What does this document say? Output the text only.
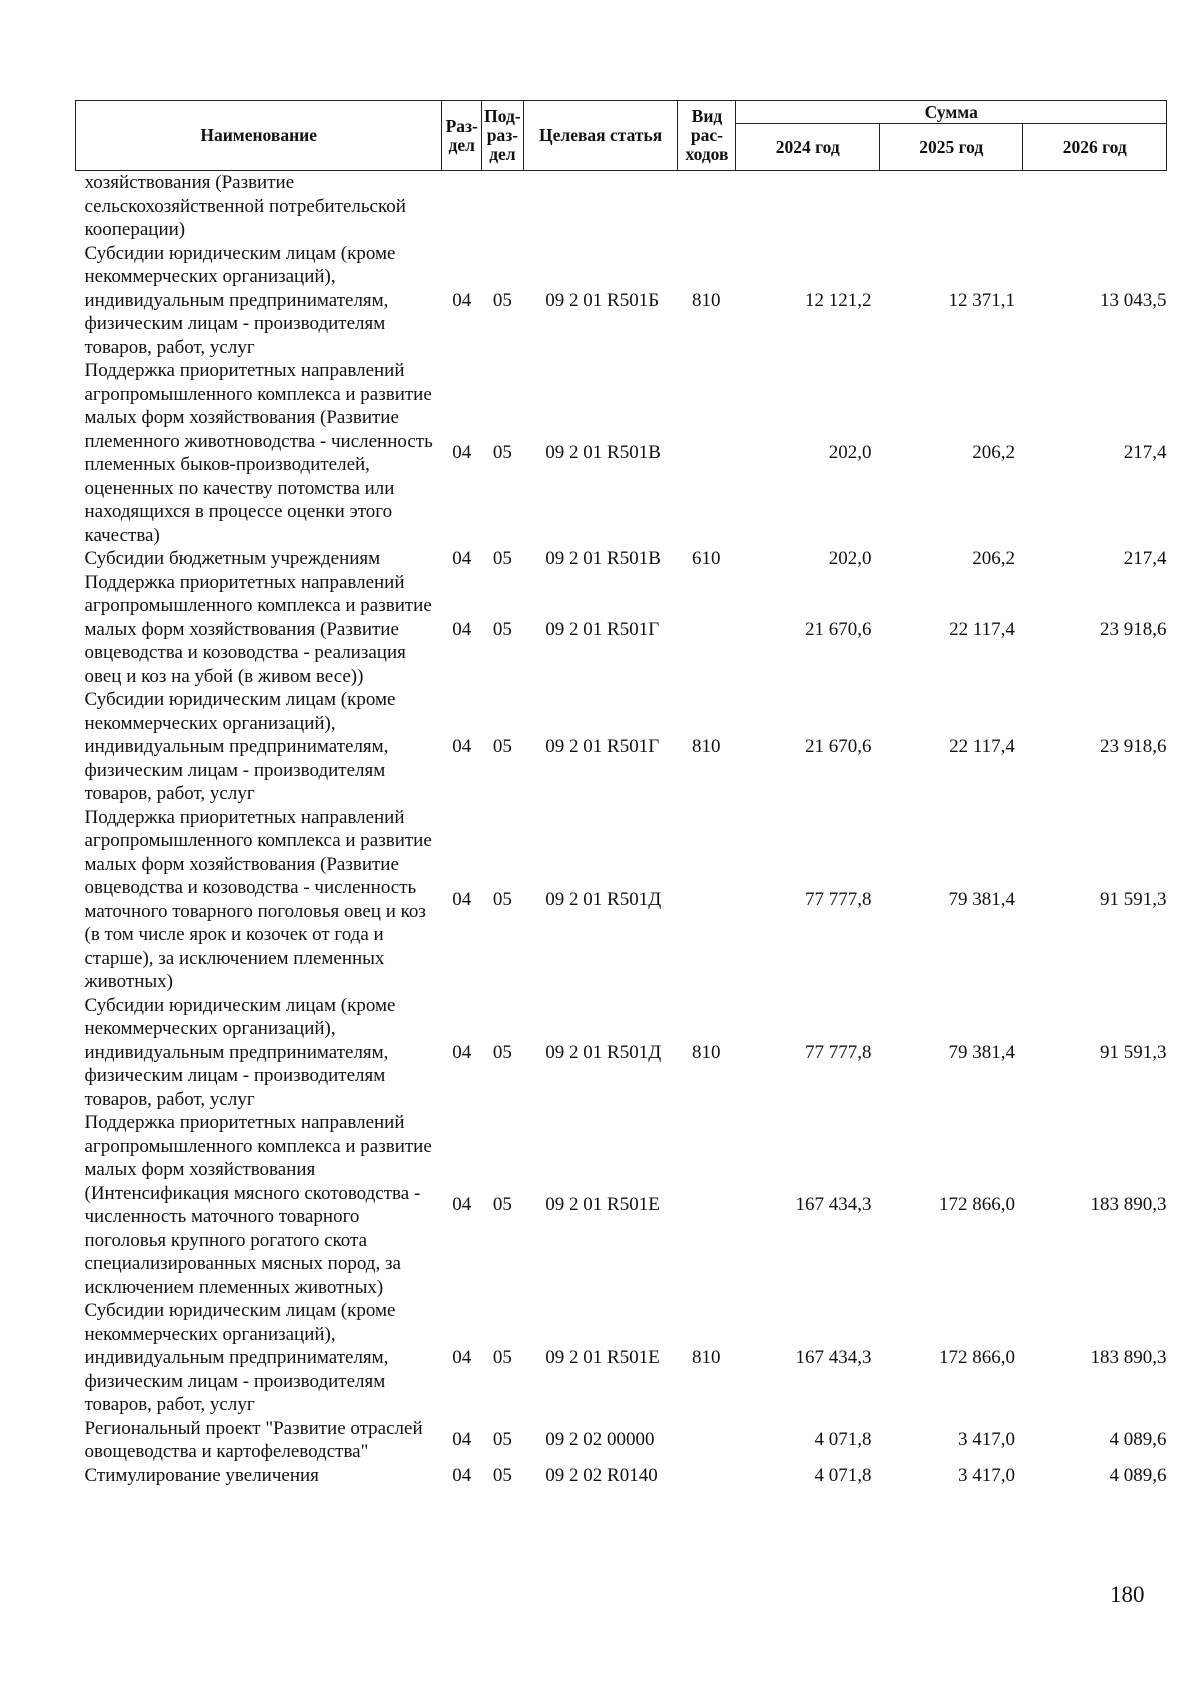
Наименование	Раз-дел	Под-раз-дел	Целевая статья	Вид рас-ходов	Сумма		
					2024 год	2025 год	2026 год
хозяйствования (Развитие сельскохозяйственной потребительской кооперации)							
Субсидии юридическим лицам (кроме некоммерческих организаций), индивидуальным предпринимателям, физическим лицам - производителям товаров, работ, услуг	04	05	09 2 01 R501Б	810	12 121,2	12 371,1	13 043,5
Поддержка приоритетных направлений агропромышленного комплекса и развитие малых форм хозяйствования (Развитие племенного животноводства - численность племенных быков-производителей, оцененных по качеству потомства или находящихся в процессе оценки этого качества)	04	05	09 2 01 R501В		202,0	206,2	217,4
Субсидии бюджетным учреждениям	04	05	09 2 01 R501В	610	202,0	206,2	217,4
Поддержка приоритетных направлений агропромышленного комплекса и развитие малых форм хозяйствования (Развитие овцеводства и козоводства - реализация овец и коз на убой (в живом весе))	04	05	09 2 01 R501Г		21 670,6	22 117,4	23 918,6
Субсидии юридическим лицам (кроме некоммерческих организаций), индивидуальным предпринимателям, физическим лицам - производителям товаров, работ, услуг	04	05	09 2 01 R501Г	810	21 670,6	22 117,4	23 918,6
Поддержка приоритетных направлений агропромышленного комплекса и развитие малых форм хозяйствования (Развитие овцеводства и козоводства - численность маточного товарного поголовья овец и коз (в том числе ярок и козочек от года и старше), за исключением племенных животных)	04	05	09 2 01 R501Д		77 777,8	79 381,4	91 591,3
Субсидии юридическим лицам (кроме некоммерческих организаций), индивидуальным предпринимателям, физическим лицам - производителям товаров, работ, услуг	04	05	09 2 01 R501Д	810	77 777,8	79 381,4	91 591,3
Поддержка приоритетных направлений агропромышленного комплекса и развитие малых форм хозяйствования (Интенсификация мясного скотоводства - численность маточного товарного поголовья крупного рогатого скота специализированных мясных пород, за исключением племенных животных)	04	05	09 2 01 R501Е		167 434,3	172 866,0	183 890,3
Субсидии юридическим лицам (кроме некоммерческих организаций), индивидуальным предпринимателям, физическим лицам - производителям товаров, работ, услуг	04	05	09 2 01 R501Е	810	167 434,3	172 866,0	183 890,3
Региональный проект "Развитие отраслей овощеводства и картофелеводства"	04	05	09 2 02 00000		4 071,8	3 417,0	4 089,6
Стимулирование увеличения	04	05	09 2 02 R0140		4 071,8	3 417,0	4 089,6
180
